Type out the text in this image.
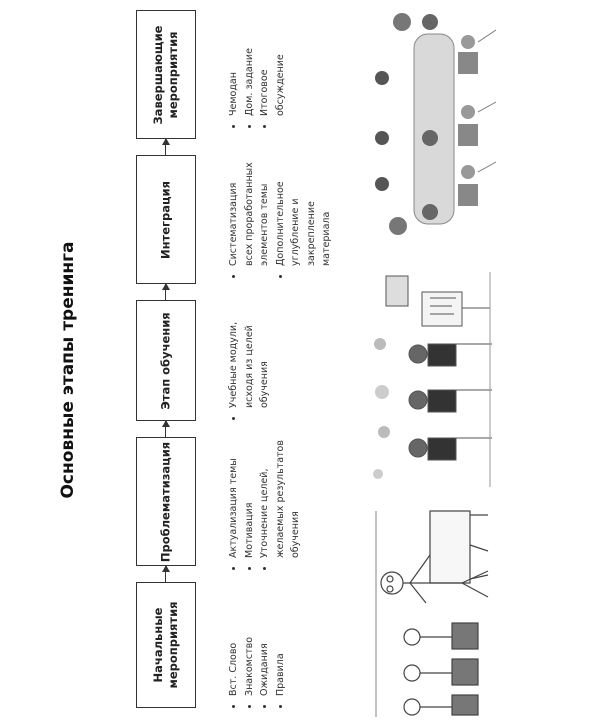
Основные этапы тренинга
Начальные
мероприятия
Проблематизация
Этап обучения
Интеграция
Завершающие
мероприятия
• Вст. Слово • Знакомство • Ожидания • Правила
• Актуализация темы • Мотивация • Уточнение целей, желаемых результатов обучения
• Учебные модули, исходя из целей обучения
• Систематизация всех проработанных элементов темы • Дополнительное углубление и закрепление материала
• Чемодан • Дом. задание • Итоговое обсуждение
